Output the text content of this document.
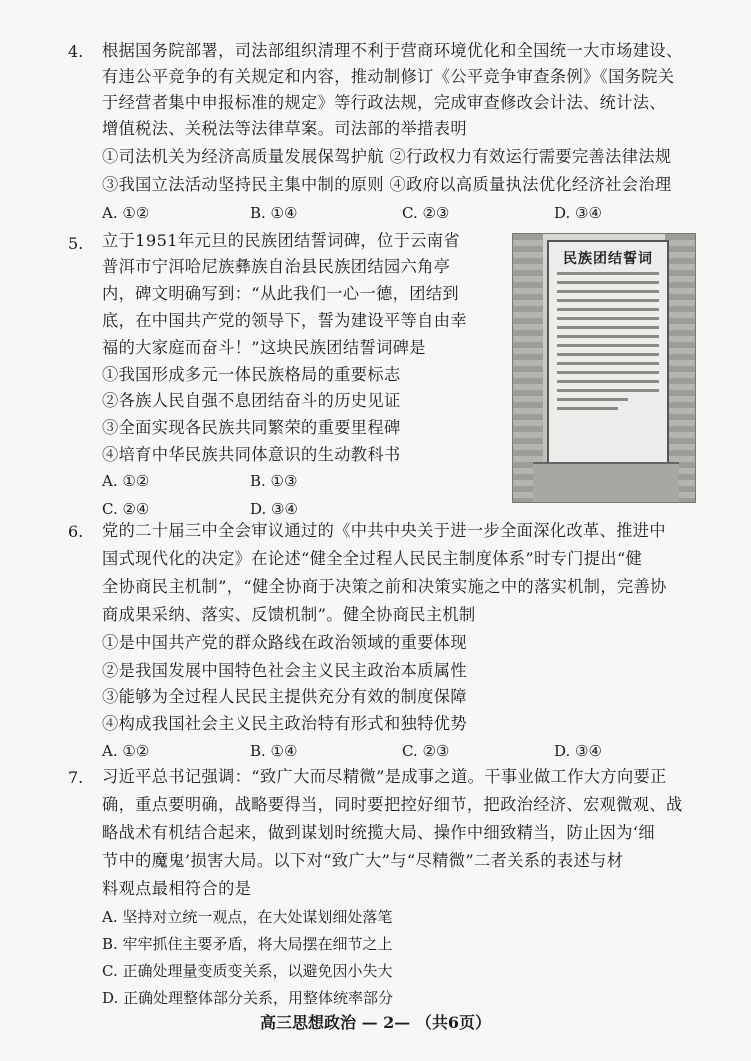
4. 根据国务院部署，司法部组织清理不利于营商环境优化和全国统一大市场建设、
有违公平竞争的有关规定和内容，推动制修订《公平竞争审查条例》《国务院关
于经营者集中申报标准的规定》等行政法规，完成审查修改会计法、统计法、
增值税法、关税法等法律草案。司法部的举措表明
①司法机关为经济高质量发展保驾护航 ②行政权力有效运行需要完善法律法规
③我国立法活动坚持民主集中制的原则 ④政府以高质量执法优化经济社会治理
A. ①②	B. ①④	C. ②③	D. ③④
5. 立于1951年元旦的民族团结誓词碑，位于云南省
普洱市宁洱哈尼族彝族自治县民族团结园六角亭
内，碑文明确写到：“从此我们一心一德，团结到
底，在中国共产党的领导下，誓为建设平等自由幸
福的大家庭而奋斗！”这块民族团结誓词碑是
①我国形成多元一体民族格局的重要标志
②各族人民自强不息团结奋斗的历史见证
③全面实现各民族共同繁荣的重要里程碑
④培育中华民族共同体意识的生动教科书
A. ①②	B. ①③
C. ②④	D. ③④
民族团结誓词
6. 党的二十届三中全会审议通过的《中共中央关于进一步全面深化改革、推进中
国式现代化的决定》在论述“健全全过程人民民主制度体系”时专门提出“健
全协商民主机制”，“健全协商于决策之前和决策实施之中的落实机制，完善协
商成果采纳、落实、反馈机制”。健全协商民主机制
①是中国共产党的群众路线在政治领域的重要体现
②是我国发展中国特色社会主义民主政治本质属性
③能够为全过程人民民主提供充分有效的制度保障
④构成我国社会主义民主政治特有形式和独特优势
A. ①②	B. ①④	C. ②③	D. ③④
7. 习近平总书记强调：“致广大而尽精微”是成事之道。干事业做工作大方向要正
确，重点要明确，战略要得当，同时要把控好细节，把政治经济、宏观微观、战
略战术有机结合起来，做到谋划时统揽大局、操作中细致精当，防止因为‘细
节中的魔鬼’损害大局。以下对“致广大”与“尽精微”二者关系的表述与材
料观点最相符合的是
A. 坚持对立统一观点，在大处谋划细处落笔
B. 牢牢抓住主要矛盾，将大局摆在细节之上
C. 正确处理量变质变关系，以避免因小失大
D. 正确处理整体部分关系，用整体统率部分
高三思想政治 — 2— （共6页）
